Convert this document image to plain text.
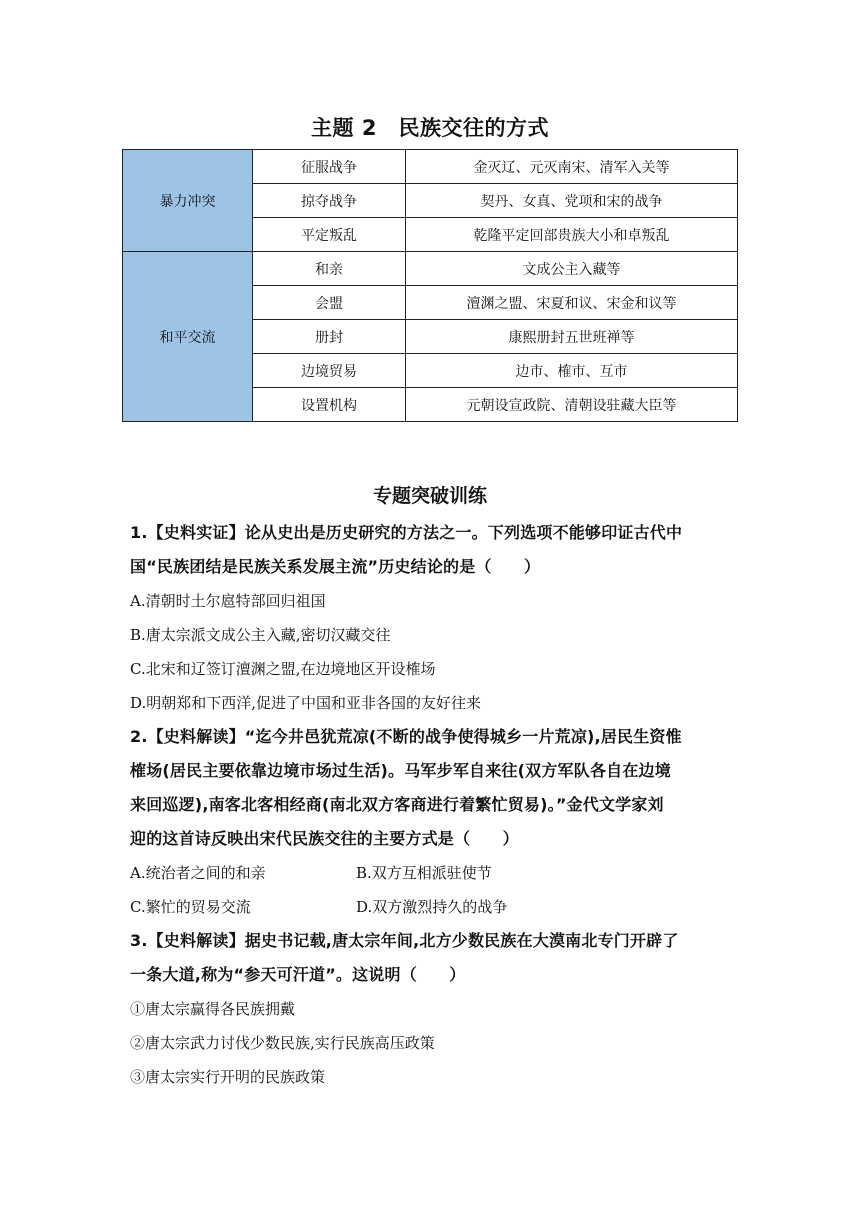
主题 2　民族交往的方式
暴力冲突	征服战争	金灭辽、元灭南宋、清军入关等
	掠夺战争	契丹、女真、党项和宋的战争
	平定叛乱	乾隆平定回部贵族大小和卓叛乱
和平交流	和亲	文成公主入藏等
	会盟	澶渊之盟、宋夏和议、宋金和议等
	册封	康熙册封五世班禅等
	边境贸易	边市、榷市、互市
	设置机构	元朝设宣政院、清朝设驻藏大臣等
专题突破训练
1.【史料实证】论从史出是历史研究的方法之一。下列选项不能够印证古代中
国“民族团结是民族关系发展主流”历史结论的是（　　）
A.清朝时土尔扈特部回归祖国
B.唐太宗派文成公主入藏,密切汉藏交往
C.北宋和辽签订澶渊之盟,在边境地区开设榷场
D.明朝郑和下西洋,促进了中国和亚非各国的友好往来
2.【史料解读】“迄今井邑犹荒凉(不断的战争使得城乡一片荒凉),居民生资惟
榷场(居民主要依靠边境市场过生活)。马军步军自来往(双方军队各自在边境
来回巡逻),南客北客相经商(南北双方客商进行着繁忙贸易)。”金代文学家刘
迎的这首诗反映出宋代民族交往的主要方式是（　　）
A.统治者之间的和亲	B.双方互相派驻使节
C.繁忙的贸易交流	D.双方激烈持久的战争
3.【史料解读】据史书记载,唐太宗年间,北方少数民族在大漠南北专门开辟了
一条大道,称为“参天可汗道”。这说明（　　）
①唐太宗赢得各民族拥戴
②唐太宗武力讨伐少数民族,实行民族高压政策
③唐太宗实行开明的民族政策
